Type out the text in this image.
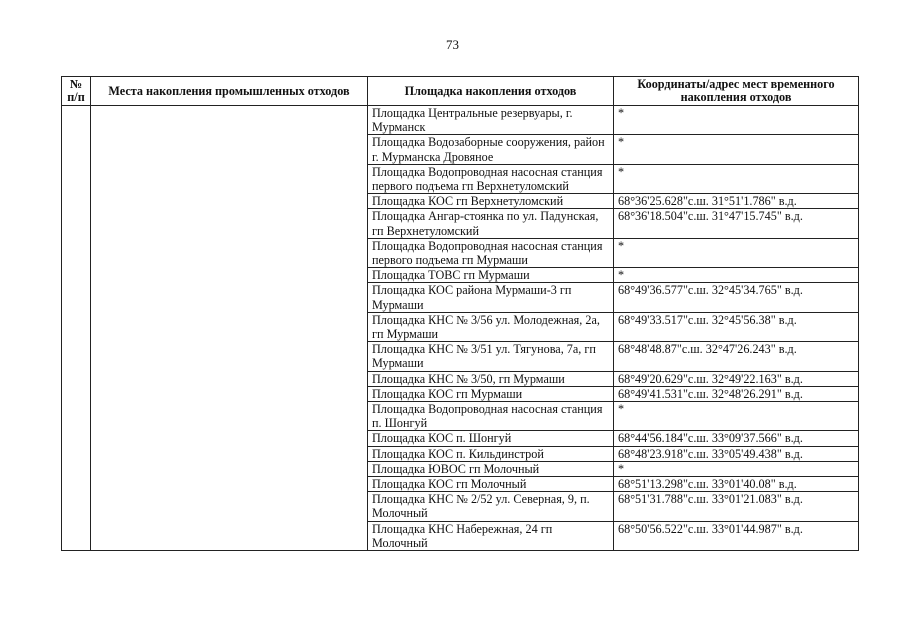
73
№ п/п	Места накопления промышленных отходов	Площадка накопления отходов	Координаты/адрес мест временного накопления отходов
		Площадка Центральные резервуары, г. Мурманск	*
		Площадка Водозаборные сооружения, район г. Мурманска Дровяное	*
		Площадка Водопроводная насосная станция первого подъема гп Верхнетуломский	*
		Площадка КОС гп Верхнетуломский	68°36'25.628"с.ш. 31°51'1.786" в.д.
		Площадка Ангар-стоянка по ул. Падунская, гп Верхнетуломский	68°36'18.504"с.ш. 31°47'15.745" в.д.
		Площадка Водопроводная насосная станция первого подъема гп Мурмаши	*
		Площадка ТОВС гп Мурмаши	*
		Площадка КОС района Мурмаши-3 гп Мурмаши	68°49'36.577"с.ш. 32°45'34.765" в.д.
		Площадка КНС № 3/56 ул. Молодежная, 2а, гп Мурмаши	68°49'33.517"с.ш. 32°45'56.38" в.д.
		Площадка КНС № 3/51 ул. Тягунова, 7а, гп Мурмаши	68°48'48.87"с.ш. 32°47'26.243" в.д.
		Площадка КНС № 3/50, гп Мурмаши	68°49'20.629"с.ш. 32°49'22.163" в.д.
		Площадка КОС гп Мурмаши	68°49'41.531"с.ш. 32°48'26.291" в.д.
		Площадка Водопроводная насосная станция п. Шонгуй	*
		Площадка КОС п. Шонгуй	68°44'56.184"с.ш. 33°09'37.566" в.д.
		Площадка КОС п. Кильдинстрой	68°48'23.918"с.ш. 33°05'49.438" в.д.
		Площадка ЮВОС гп Молочный	*
		Площадка КОС гп Молочный	68°51'13.298"с.ш. 33°01'40.08" в.д.
		Площадка КНС № 2/52 ул. Северная, 9, п. Молочный	68°51'31.788"с.ш. 33°01'21.083" в.д.
		Площадка КНС Набережная, 24 гп Молочный	68°50'56.522"с.ш. 33°01'44.987" в.д.
